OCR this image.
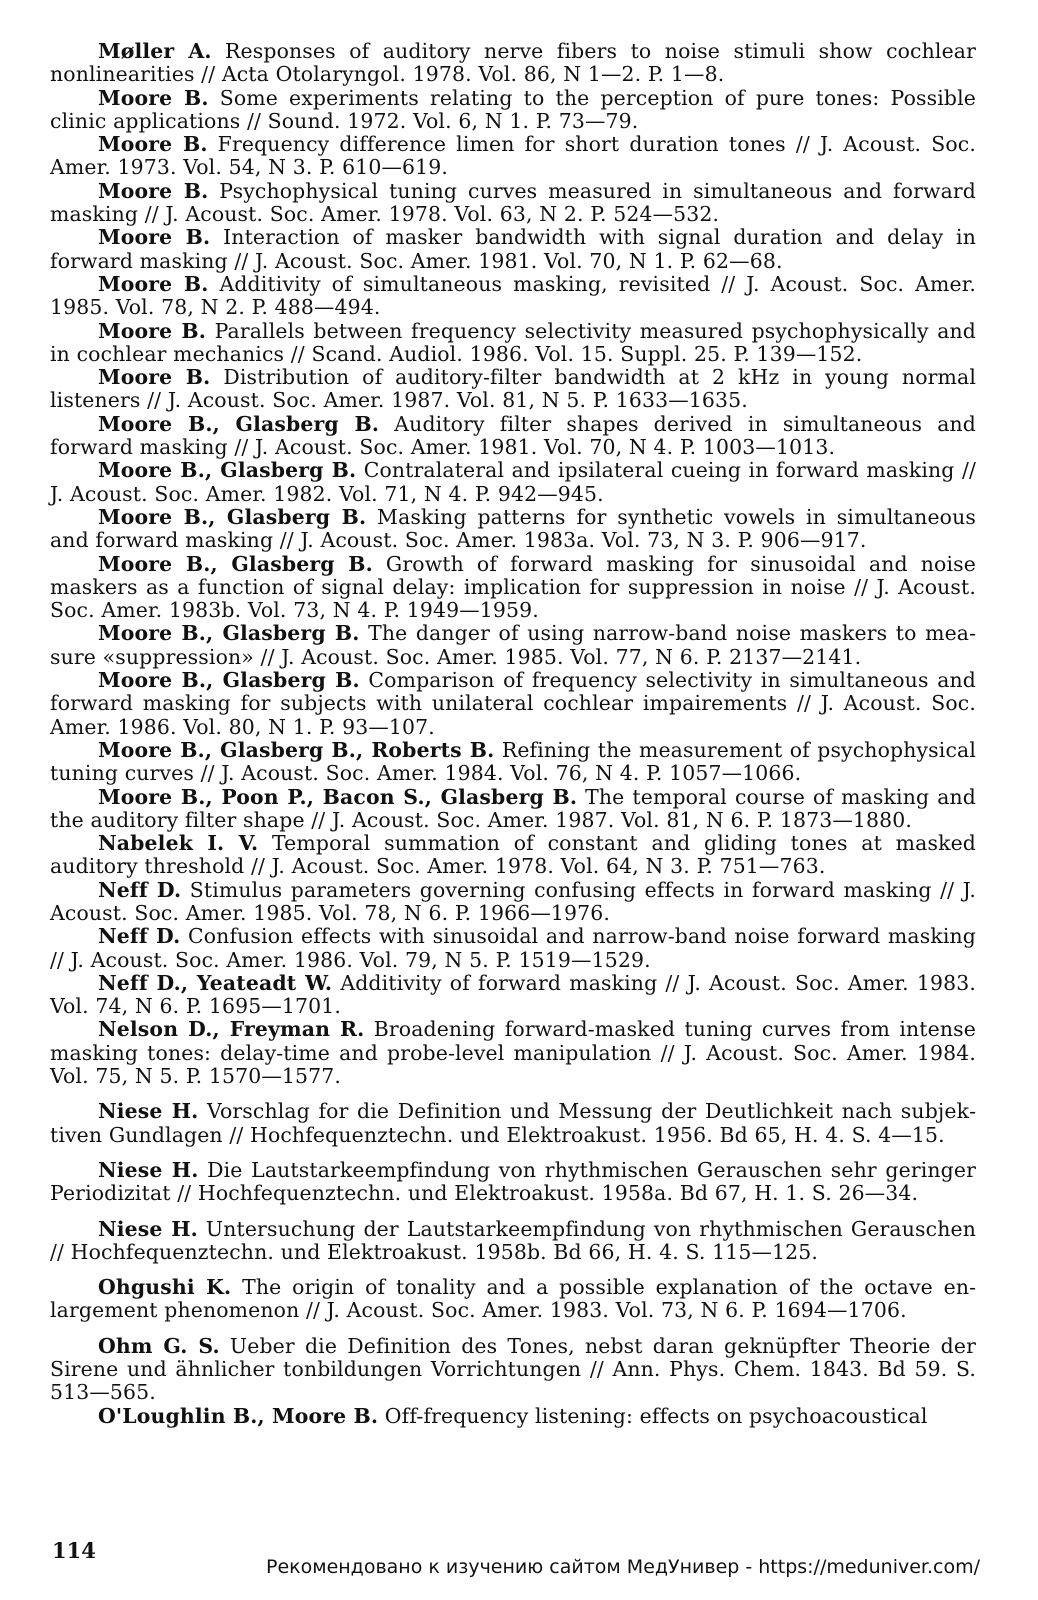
Møller A. Responses of auditory nerve fibers to noise stimuli show cochlear nonlinearities // Acta Otolaryngol. 1978. Vol. 86, N 1—2. P. 1—8.

Moore B. Some experiments relating to the perception of pure tones: Possible clinic applications // Sound. 1972. Vol. 6, N 1. P. 73—79.

Moore B. Frequency difference limen for short duration tones // J. Acoust. Soc. Amer. 1973. Vol. 54, N 3. P. 610—619.

Moore B. Psychophysical tuning curves measured in simultaneous and forward masking // J. Acoust. Soc. Amer. 1978. Vol. 63, N 2. P. 524—532.

Moore B. Interaction of masker bandwidth with signal duration and delay in forward masking // J. Acoust. Soc. Amer. 1981. Vol. 70, N 1. P. 62—68.

Moore B. Additivity of simultaneous masking, revisited // J. Acoust. Soc. Amer. 1985. Vol. 78, N 2. P. 488—494.

Moore B. Parallels between frequency selectivity measured psychophysically and in cochlear mechanics // Scand. Audiol. 1986. Vol. 15. Suppl. 25. P. 139—152.

Moore B. Distribution of auditory-filter bandwidth at 2 kHz in young normal listeners // J. Acoust. Soc. Amer. 1987. Vol. 81, N 5. P. 1633—1635.

Moore B., Glasberg B. Auditory filter shapes derived in simultaneous and forward masking // J. Acoust. Soc. Amer. 1981. Vol. 70, N 4. P. 1003—1013.

Moore B., Glasberg B. Contralateral and ipsilateral cueing in forward masking // J. Acoust. Soc. Amer. 1982. Vol. 71, N 4. P. 942—945.

Moore B., Glasberg B. Masking patterns for synthetic vowels in simultaneous and forward masking // J. Acoust. Soc. Amer. 1983a. Vol. 73, N 3. P. 906—917.

Moore B., Glasberg B. Growth of forward masking for sinusoidal and noise maskers as a function of signal delay: implication for suppression in noise // J. Acoust. Soc. Amer. 1983b. Vol. 73, N 4. P. 1949—1959.

Moore B., Glasberg B. The danger of using narrow-band noise maskers to measure «suppression» // J. Acoust. Soc. Amer. 1985. Vol. 77, N 6. P. 2137—2141.

Moore B., Glasberg B. Comparison of frequency selectivity in simultaneous and forward masking for subjects with unilateral cochlear impairements // J. Acoust. Soc. Amer. 1986. Vol. 80, N 1. P. 93—107.

Moore B., Glasberg B., Roberts B. Refining the measurement of psychophysical tuning curves // J. Acoust. Soc. Amer. 1984. Vol. 76, N 4. P. 1057—1066.

Moore B., Poon P., Bacon S., Glasberg B. The temporal course of masking and the auditory filter shape // J. Acoust. Soc. Amer. 1987. Vol. 81, N 6. P. 1873—1880.

Nabelek I. V. Temporal summation of constant and gliding tones at masked auditory threshold // J. Acoust. Soc. Amer. 1978. Vol. 64, N 3. P. 751—763.

Neff D. Stimulus parameters governing confusing effects in forward masking // J. Acoust. Soc. Amer. 1985. Vol. 78, N 6. P. 1966—1976.

Neff D. Confusion effects with sinusoidal and narrow-band noise forward masking // J. Acoust. Soc. Amer. 1986. Vol. 79, N 5. P. 1519—1529.

Neff D., Yeateadt W. Additivity of forward masking // J. Acoust. Soc. Amer. 1983. Vol. 74, N 6. P. 1695—1701.

Nelson D., Freyman R. Broadening forward-masked tuning curves from intense masking tones: delay-time and probe-level manipulation // J. Acoust. Soc. Amer. 1984. Vol. 75, N 5. P. 1570—1577.

Niese H. Vorschlag for die Definition und Messung der Deutlichkeit nach subjektiven Gundlagen // Hochfequenztechn. und Elektroakust. 1956. Bd 65, H. 4. S. 4—15.

Niese H. Die Lautstarkeempfindung von rhythmischen Gerauschen sehr geringer Periodizitat // Hochfequenztechn. und Elektroakust. 1958a. Bd 67, H. 1. S. 26—34.

Niese H. Untersuchung der Lautstarkeempfindung von rhythmischen Gerauschen // Hochfequenztechn. und Elektroakust. 1958b. Bd 66, H. 4. S. 115—125.

Ohgushi K. The origin of tonality and a possible explanation of the octave enlargement phenomenon // J. Acoust. Soc. Amer. 1983. Vol. 73, N 6. P. 1694—1706.

Ohm G. S. Ueber die Definition des Tones, nebst daran geknüpfter Theorie der Sirene und ähnlicher tonbildungen Vorrichtungen // Ann. Phys. Chem. 1843. Bd 59. S. 513—565.

O'Loughlin B., Moore B. Off-frequency listening: effects on psychoacoustical

114
Рекомендовано к изучению сайтом МедУнивер - https://meduniver.com/
